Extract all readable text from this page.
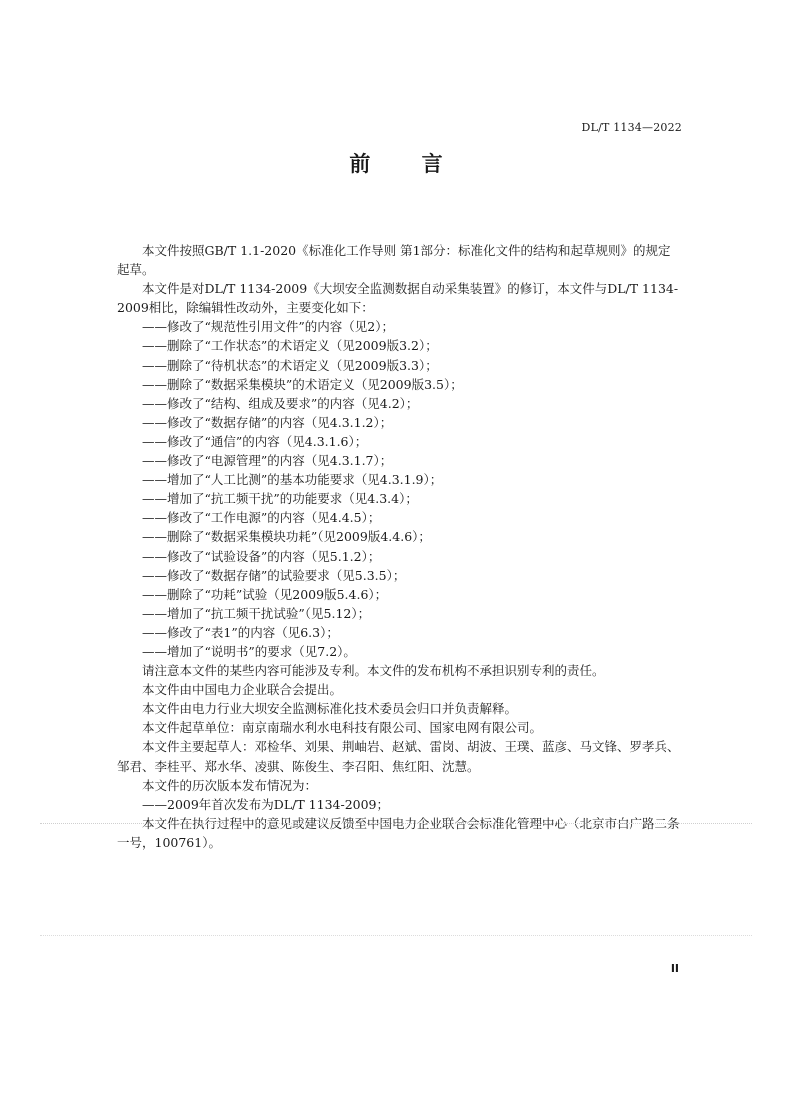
DL/T 1134—2022
前 言

本文件按照GB/T 1.1-2020《标准化工作导则 第1部分：标准化文件的结构和起草规则》的规定起草。

本文件是对DL/T 1134-2009《大坝安全监测数据自动采集装置》的修订，本文件与DL/T 1134-2009相比，除编辑性改动外，主要变化如下：

——修改了“规范性引用文件”的内容（见2）；

——删除了“工作状态”的术语定义（见2009版3.2）；

——删除了“待机状态”的术语定义（见2009版3.3）；

——删除了“数据采集模块”的术语定义（见2009版3.5）；

——修改了“结构、组成及要求”的内容（见4.2）；

——修改了“数据存储”的内容（见4.3.1.2）；

——修改了“通信”的内容（见4.3.1.6）；

——修改了“电源管理”的内容（见4.3.1.7）；

——增加了“人工比测”的基本功能要求（见4.3.1.9）；

——增加了“抗工频干扰”的功能要求（见4.3.4）；

——修改了“工作电源”的内容（见4.4.5）；

——删除了“数据采集模块功耗”（见2009版4.4.6）；

——修改了“试验设备”的内容（见5.1.2）；

——修改了“数据存储”的试验要求（见5.3.5）；

——删除了“功耗”试验（见2009版5.4.6）；

——增加了“抗工频干扰试验”（见5.12）；

——修改了“表1”的内容（见6.3）；

——增加了“说明书”的要求（见7.2）。

请注意本文件的某些内容可能涉及专利。本文件的发布机构不承担识别专利的责任。

本文件由中国电力企业联合会提出。

本文件由电力行业大坝安全监测标准化技术委员会归口并负责解释。

本文件起草单位：南京南瑞水利水电科技有限公司、国家电网有限公司。

本文件主要起草人：邓检华、刘果、荆岫岩、赵斌、雷岗、胡波、王璞、蓝彦、马文锋、罗孝兵、邹君、李桂平、郑水华、凌骐、陈俊生、李召阳、焦红阳、沈慧。

本文件的历次版本发布情况为：

——2009年首次发布为DL/T 1134-2009；

本文件在执行过程中的意见或建议反馈至中国电力企业联合会标准化管理中心（北京市白广路二条一号，100761）。

II
